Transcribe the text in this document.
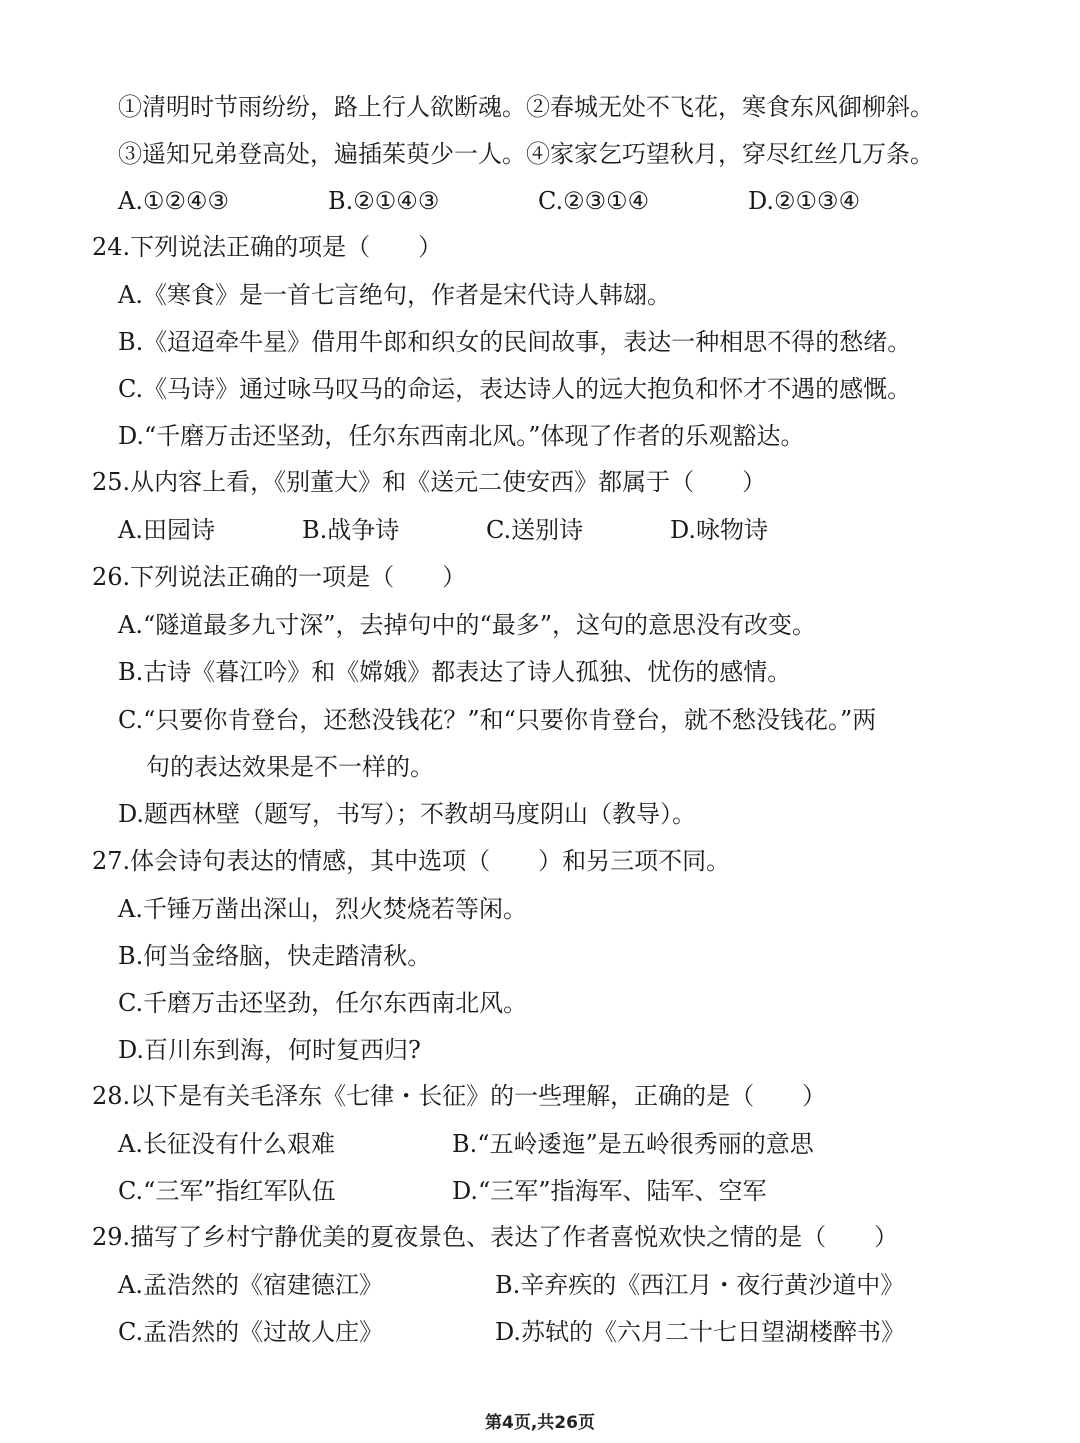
①清明时节雨纷纷，路上行人欲断魂。②春城无处不飞花，寒食东风御柳斜。
③遥知兄弟登高处，遍插茱萸少一人。④家家乞巧望秋月，穿尽红丝几万条。
A.①②④③	B.②①④③	C.②③①④	D.②①③④
24.下列说法正确的项是（　　）
A.《寒食》是一首七言绝句，作者是宋代诗人韩翃。
B.《迢迢牵牛星》借用牛郎和织女的民间故事，表达一种相思不得的愁绪。
C.《马诗》通过咏马叹马的命运，表达诗人的远大抱负和怀才不遇的感慨。
D.“千磨万击还坚劲，任尔东西南北风。”体现了作者的乐观豁达。
25.从内容上看，《别董大》和《送元二使安西》都属于（　　）
A.田园诗	B.战争诗	C.送别诗	D.咏物诗
26.下列说法正确的一项是（　　）
A.“隧道最多九寸深”，去掉句中的“最多”，这句的意思没有改变。
B.古诗《暮江吟》和《嫦娥》都表达了诗人孤独、忧伤的感情。
C.“只要你肯登台，还愁没钱花？”和“只要你肯登台，就不愁没钱花。”两
句的表达效果是不一样的。
D.题西林壁（题写，书写）；不教胡马度阴山（教导）。
27.体会诗句表达的情感，其中选项（　　）和另三项不同。
A.千锤万凿出深山，烈火焚烧若等闲。
B.何当金络脑，快走踏清秋。
C.千磨万击还坚劲，任尔东西南北风。
D.百川东到海，何时复西归?
28.以下是有关毛泽东《七律・长征》的一些理解，正确的是（　　）
A.长征没有什么艰难	B.“五岭逶迤”是五岭很秀丽的意思
C.“三军”指红军队伍	D.“三军”指海军、陆军、空军
29.描写了乡村宁静优美的夏夜景色、表达了作者喜悦欢快之情的是（　　）
A.孟浩然的《宿建德江》	B.辛弃疾的《西江月・夜行黄沙道中》
C.孟浩然的《过故人庄》	D.苏轼的《六月二十七日望湖楼醉书》
第4页,共26页
